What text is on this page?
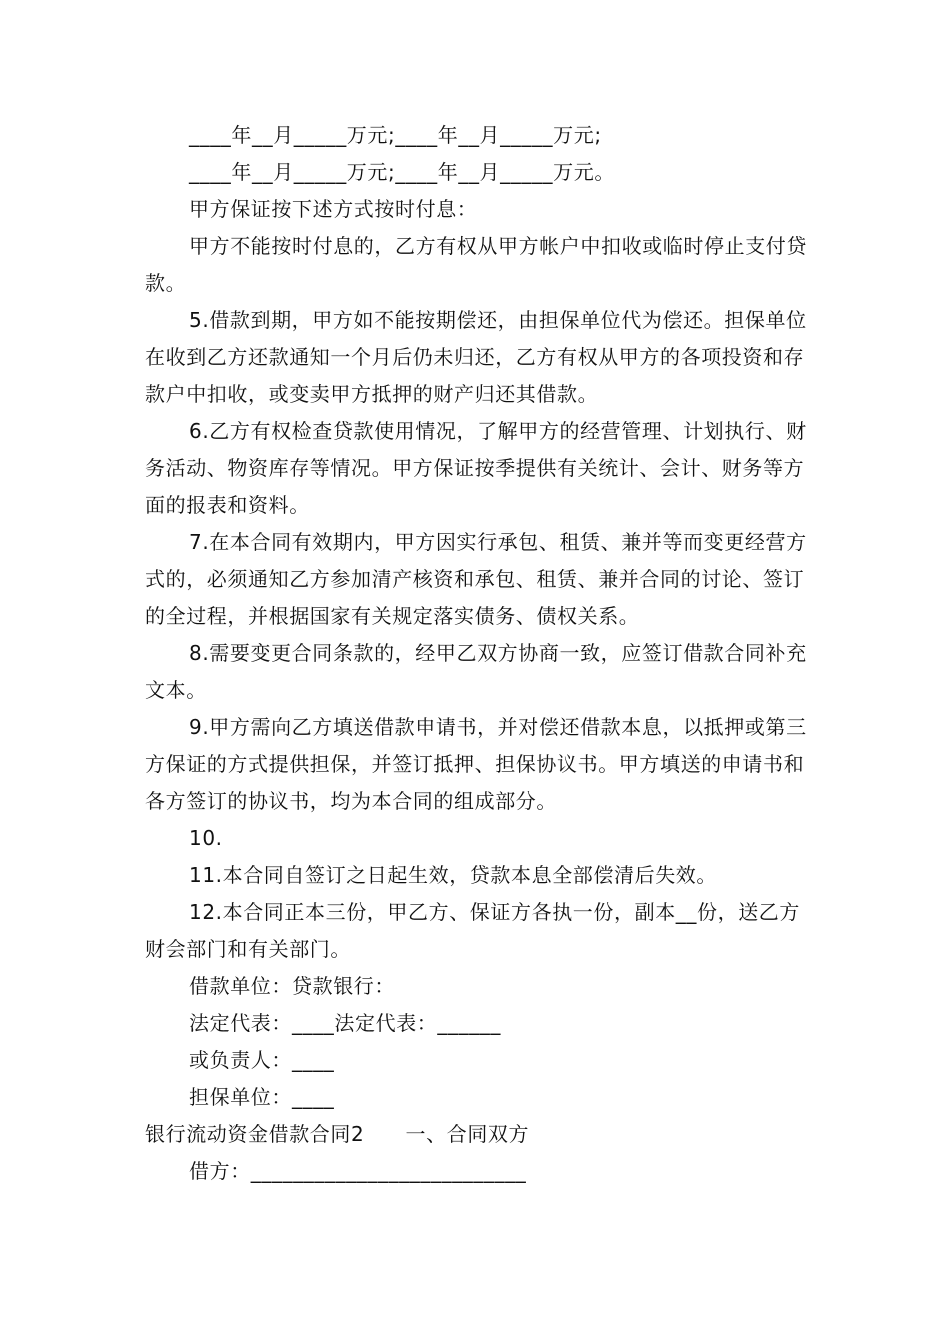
____年__月_____万元;____年__月_____万元;

____年__月_____万元;____年__月_____万元。

甲方保证按下述方式按时付息：

甲方不能按时付息的，乙方有权从甲方帐户中扣收或临时停止支付贷款。

5.借款到期，甲方如不能按期偿还，由担保单位代为偿还。担保单位在收到乙方还款通知一个月后仍未归还，乙方有权从甲方的各项投资和存款户中扣收，或变卖甲方抵押的财产归还其借款。

6.乙方有权检查贷款使用情况，了解甲方的经营管理、计划执行、财务活动、物资库存等情况。甲方保证按季提供有关统计、会计、财务等方面的报表和资料。

7.在本合同有效期内，甲方因实行承包、租赁、兼并等而变更经营方式的，必须通知乙方参加清产核资和承包、租赁、兼并合同的讨论、签订的全过程，并根据国家有关规定落实债务、债权关系。

8.需要变更合同条款的，经甲乙双方协商一致，应签订借款合同补充文本。

9.甲方需向乙方填送借款申请书，并对偿还借款本息，以抵押或第三方保证的方式提供担保，并签订抵押、担保协议书。甲方填送的申请书和各方签订的协议书，均为本合同的组成部分。

10.

11.本合同自签订之日起生效，贷款本息全部偿清后失效。

12.本合同正本三份，甲乙方、保证方各执一份，副本__份，送乙方财会部门和有关部门。

借款单位：贷款银行：

法定代表：____法定代表：______

或负责人：____

担保单位：____

银行流动资金借款合同2　　一、合同双方

借方：__________________________
